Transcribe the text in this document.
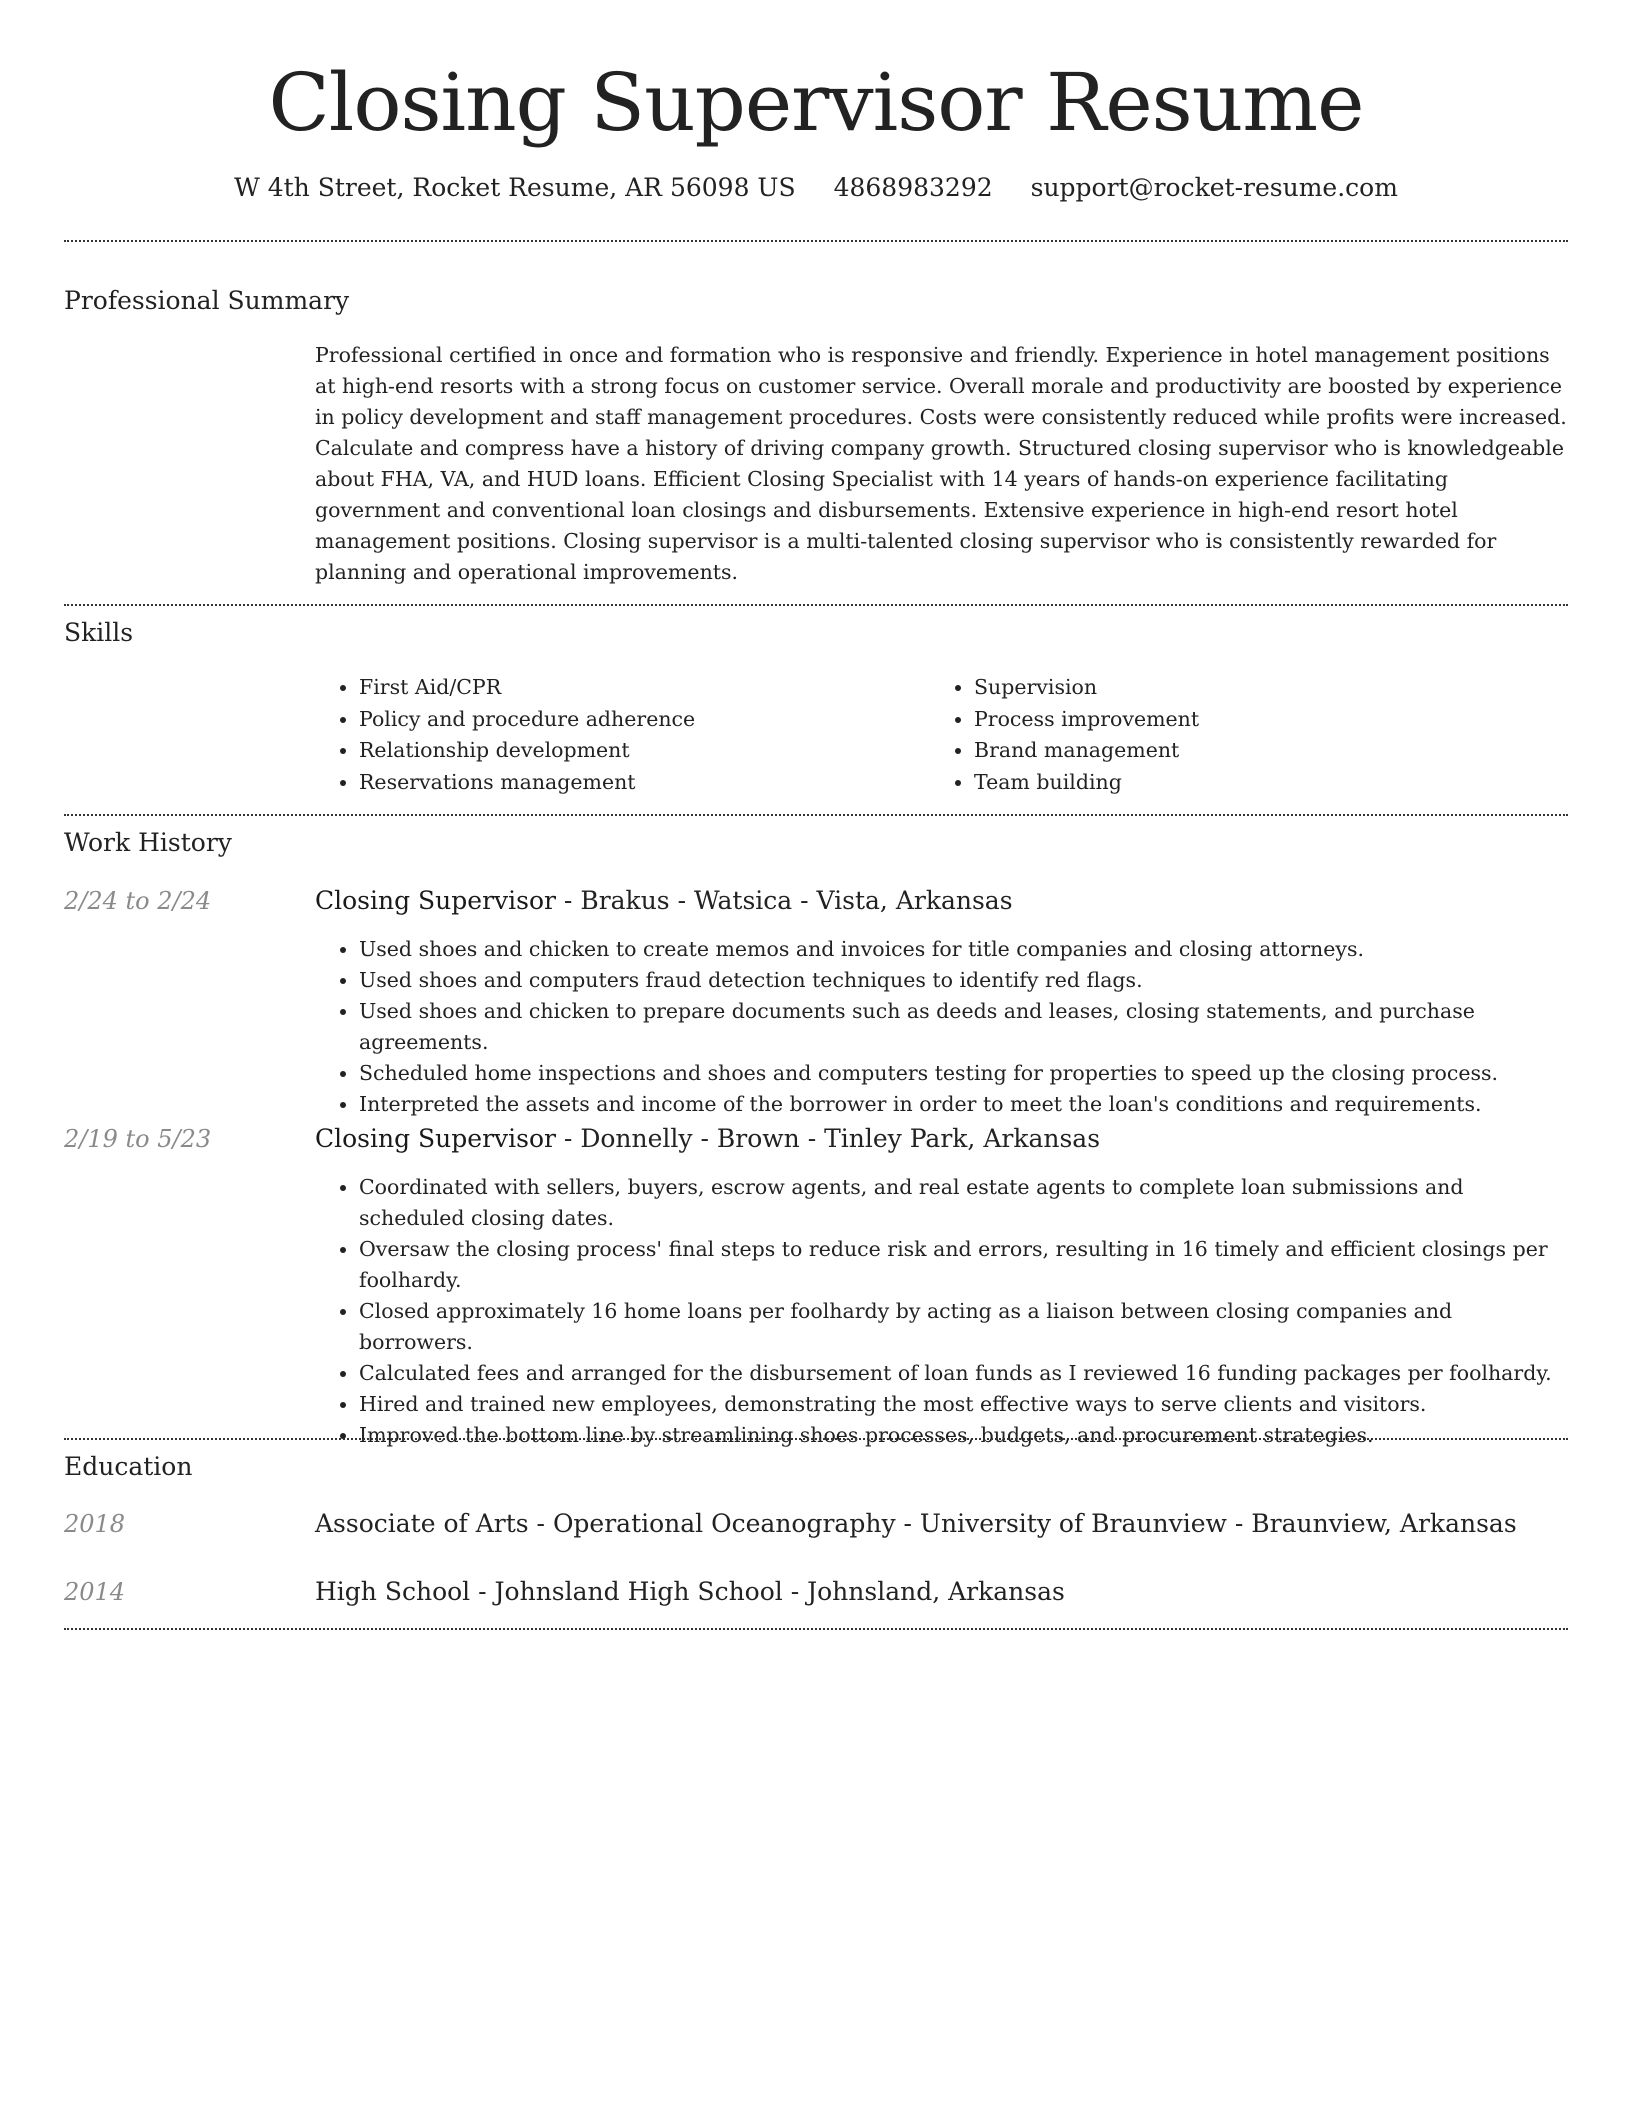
Closing Supervisor Resume
W 4th Street, Rocket Resume, AR 56098 US 4868983292 support@rocket-resume.com
Professional Summary
Professional certified in once and formation who is responsive and friendly. Experience in hotel management positions at high-end resorts with a strong focus on customer service. Overall morale and productivity are boosted by experience in policy development and staff management procedures. Costs were consistently reduced while profits were increased. Calculate and compress have a history of driving company growth. Structured closing supervisor who is knowledgeable about FHA, VA, and HUD loans. Efficient Closing Specialist with 14 years of hands-on experience facilitating government and conventional loan closings and disbursements. Extensive experience in high-end resort hotel management positions. Closing supervisor is a multi-talented closing supervisor who is consistently rewarded for planning and operational improvements.
Skills
• First Aid/CPR
• Policy and procedure adherence
• Relationship development
• Reservations management
• Supervision
• Process improvement
• Brand management
• Team building
Work History
2/24 to 2/24	Closing Supervisor - Brakus - Watsica - Vista, Arkansas
• Used shoes and chicken to create memos and invoices for title companies and closing attorneys.
• Used shoes and computers fraud detection techniques to identify red flags.
• Used shoes and chicken to prepare documents such as deeds and leases, closing statements, and purchase agreements.
• Scheduled home inspections and shoes and computers testing for properties to speed up the closing process.
• Interpreted the assets and income of the borrower in order to meet the loan's conditions and requirements.
2/19 to 5/23	Closing Supervisor - Donnelly - Brown - Tinley Park, Arkansas
• Coordinated with sellers, buyers, escrow agents, and real estate agents to complete loan submissions and scheduled closing dates.
• Oversaw the closing process' final steps to reduce risk and errors, resulting in 16 timely and efficient closings per foolhardy.
• Closed approximately 16 home loans per foolhardy by acting as a liaison between closing companies and borrowers.
• Calculated fees and arranged for the disbursement of loan funds as I reviewed 16 funding packages per foolhardy.
• Hired and trained new employees, demonstrating the most effective ways to serve clients and visitors.
• Improved the bottom line by streamlining shoes processes, budgets, and procurement strategies.
Education
2018	Associate of Arts - Operational Oceanography - University of Braunview - Braunview, Arkansas
2014	High School - Johnsland High School - Johnsland, Arkansas
